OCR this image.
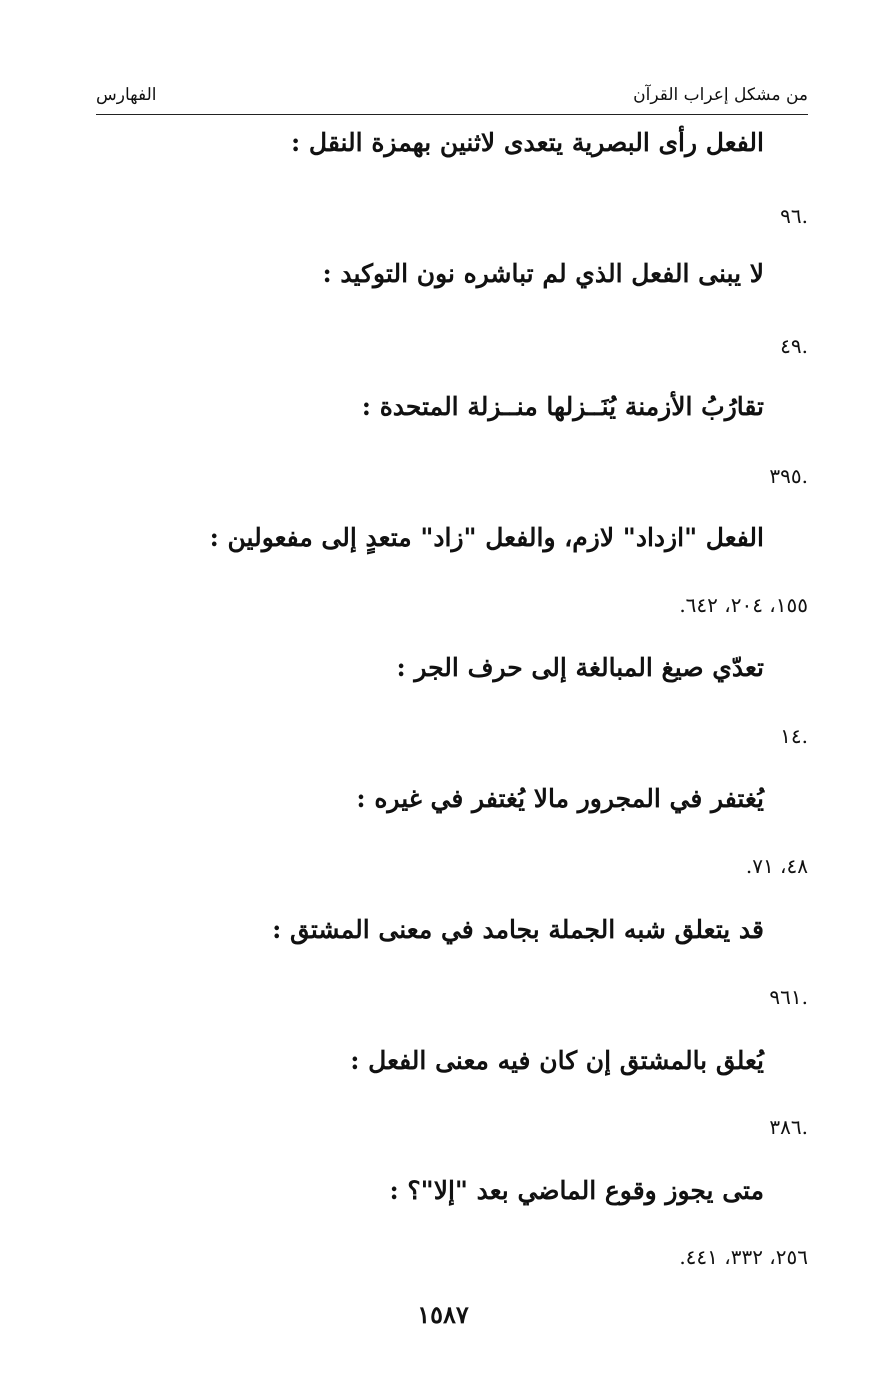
من مشكل إعراب القرآن
الفهارس
الفعل رأى البصرية يتعدى لاثنين بهمزة النقل :
.٩٦
لا يبنى الفعل الذي لم تباشره نون التوكيد :
.٤٩
تقارُبُ الأزمنة يُنَــزلها منــزلة المتحدة :
.٣٩٥
الفعل "ازداد" لازم، والفعل "زاد" متعدٍ إلى مفعولين :
١٥٥، ٢٠٤، ٦٤٢.
تعدّي صيغ المبالغة إلى حرف الجر :
.١٤
يُغتفر في المجرور مالا يُغتفر في غيره :
٤٨، ٧١.
قد يتعلق شبه الجملة بجامد في معنى المشتق :
.٩٦١
يُعلق بالمشتق إن كان فيه معنى الفعل :
.٣٨٦
متى يجوز وقوع الماضي بعد "إلا"؟ :
٢٥٦، ٣٣٢، ٤٤١.
١٥٨٧
